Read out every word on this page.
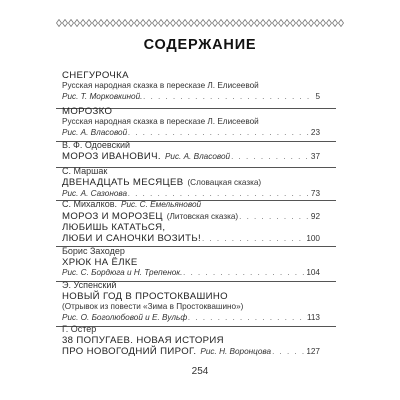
СОДЕРЖАНИЕ
СНЕГУРОЧКА
Русская народная сказка в пересказе Л. Елисеевой
Рис. Т. Морковкиной. . . .	5
МОРОЗКО
Русская народная сказка в пересказе Л. Елисеевой
Рис. А. Власовой . . .	23
В. Ф. Одоевский
МОРОЗ ИВАНОВИЧ. Рис. А. Власовой . . .	37
С. Маршак
ДВЕНАДЦАТЬ МЕСЯЦЕВ (Словацкая сказка)
Рис. А. Сазонова . . .	73
С. Михалков. Рис. С. Емельяновой
МОРОЗ И МОРОЗЕЦ (Литовская сказка) . . .	92
ЛЮБИШЬ КАТАТЬСЯ,
ЛЮБИ И САНОЧКИ ВОЗИТЬ! . . .	100
Борис Заходер
ХРЮК НА ЁЛКЕ
Рис. С. Бордюга и Н. Трепенок. . . .	104
Э. Успенский
НОВЫЙ ГОД В ПРОСТОКВАШИНО
(Отрывок из повести «Зима в Простоквашино»)
Рис. О. Боголюбовой и Е. Вульф . . .	113
Г. Остер
38 ПОПУГАЕВ. НОВАЯ ИСТОРИЯ
ПРО НОВОГОДНИЙ ПИРОГ. Рис. Н. Воронцова . . .	127
254
